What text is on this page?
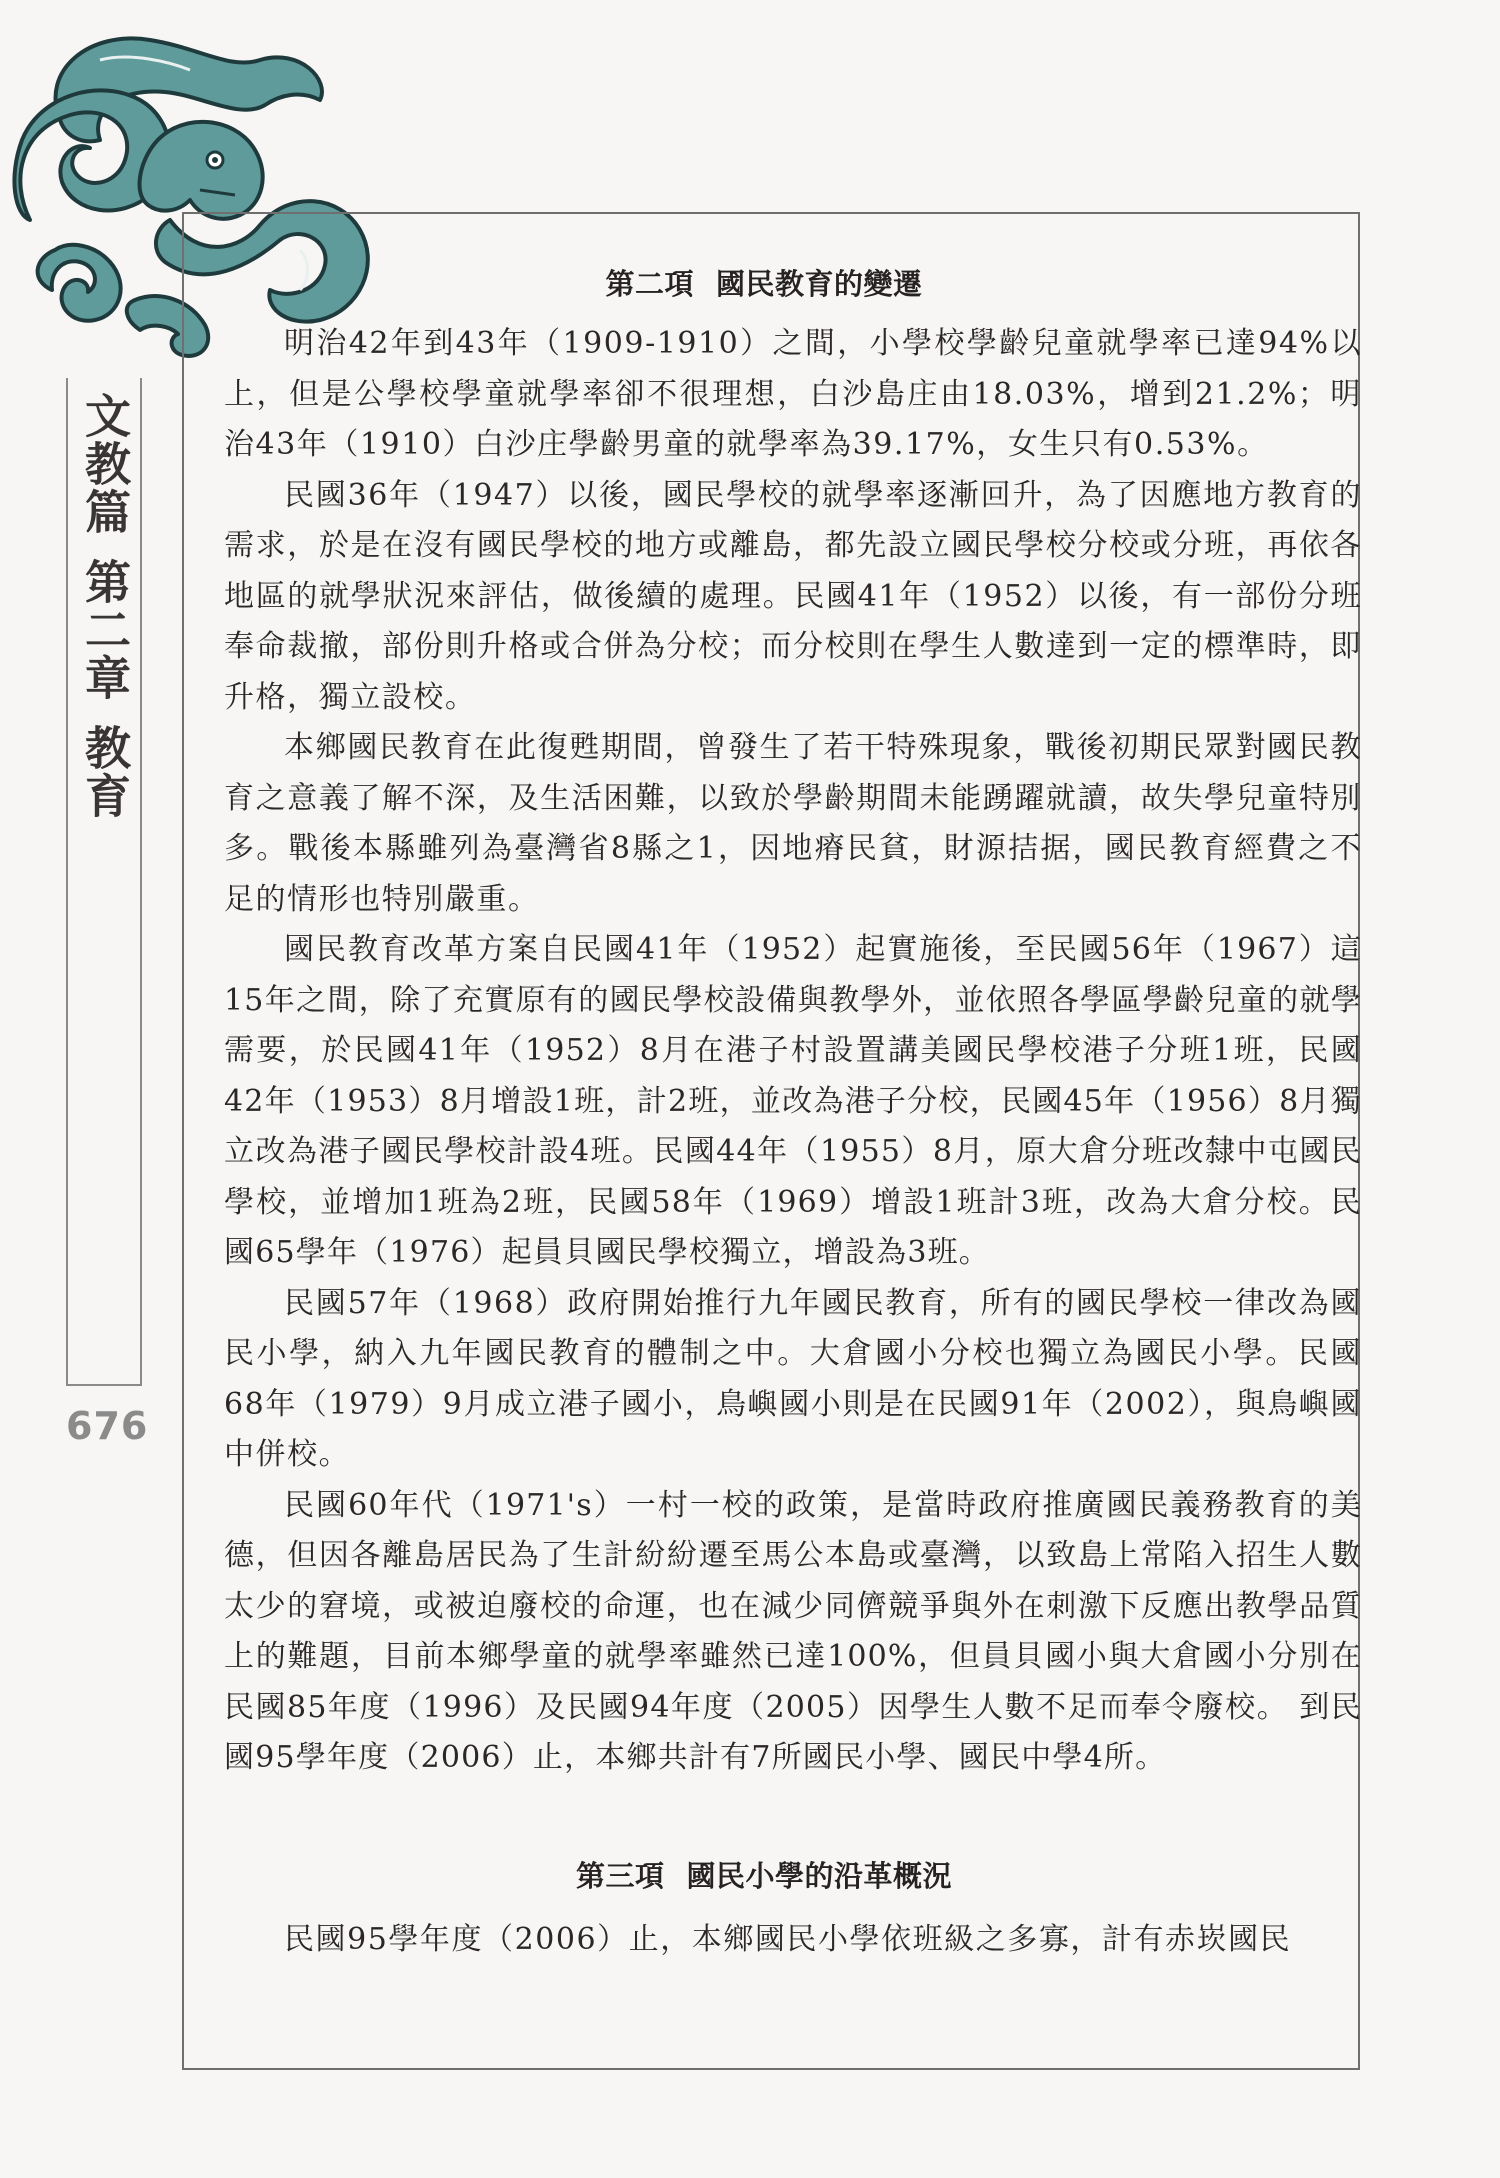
文教篇第二章教育
676
第二項 國民教育的變遷

明治42年到43年（1909-1910）之間，小學校學齡兒童就學率已達94%以上，但是公學校學童就學率卻不很理想，白沙島庄由18.03%，增到21.2%；明治43年（1910）白沙庄學齡男童的就學率為39.17%，女生只有0.53%。

民國36年（1947）以後，國民學校的就學率逐漸回升，為了因應地方教育的需求，於是在沒有國民學校的地方或離島，都先設立國民學校分校或分班，再依各地區的就學狀況來評估，做後續的處理。民國41年（1952）以後，有一部份分班奉命裁撤，部份則升格或合併為分校；而分校則在學生人數達到一定的標準時，即升格，獨立設校。

本鄉國民教育在此復甦期間，曾發生了若干特殊現象，戰後初期民眾對國民教育之意義了解不深，及生活困難，以致於學齡期間未能踴躍就讀，故失學兒童特別多。戰後本縣雖列為臺灣省8縣之1，因地瘠民貧，財源拮据，國民教育經費之不足的情形也特別嚴重。

國民教育改革方案自民國41年（1952）起實施後，至民國56年（1967）這15年之間，除了充實原有的國民學校設備與教學外，並依照各學區學齡兒童的就學需要，於民國41年（1952）8月在港子村設置講美國民學校港子分班1班，民國42年（1953）8月增設1班，計2班，並改為港子分校，民國45年（1956）8月獨立改為港子國民學校計設4班。民國44年（1955）8月，原大倉分班改隸中屯國民學校，並增加1班為2班，民國58年（1969）增設1班計3班，改為大倉分校。民國65學年（1976）起員貝國民學校獨立，增設為3班。

民國57年（1968）政府開始推行九年國民教育，所有的國民學校一律改為國民小學，納入九年國民教育的體制之中。大倉國小分校也獨立為國民小學。民國68年（1979）9月成立港子國小，鳥嶼國小則是在民國91年（2002），與鳥嶼國中併校。

民國60年代（1971's）一村一校的政策，是當時政府推廣國民義務教育的美德，但因各離島居民為了生計紛紛遷至馬公本島或臺灣，以致島上常陷入招生人數太少的窘境，或被迫廢校的命運，也在減少同儕競爭與外在刺激下反應出教學品質上的難題，目前本鄉學童的就學率雖然已達100%，但員貝國小與大倉國小分別在民國85年度（1996）及民國94年度（2005）因學生人數不足而奉令廢校。 到民國95學年度（2006）止，本鄉共計有7所國民小學、國民中學4所。

第三項 國民小學的沿革概況

民國95學年度（2006）止，本鄉國民小學依班級之多寡，計有赤崁國民
